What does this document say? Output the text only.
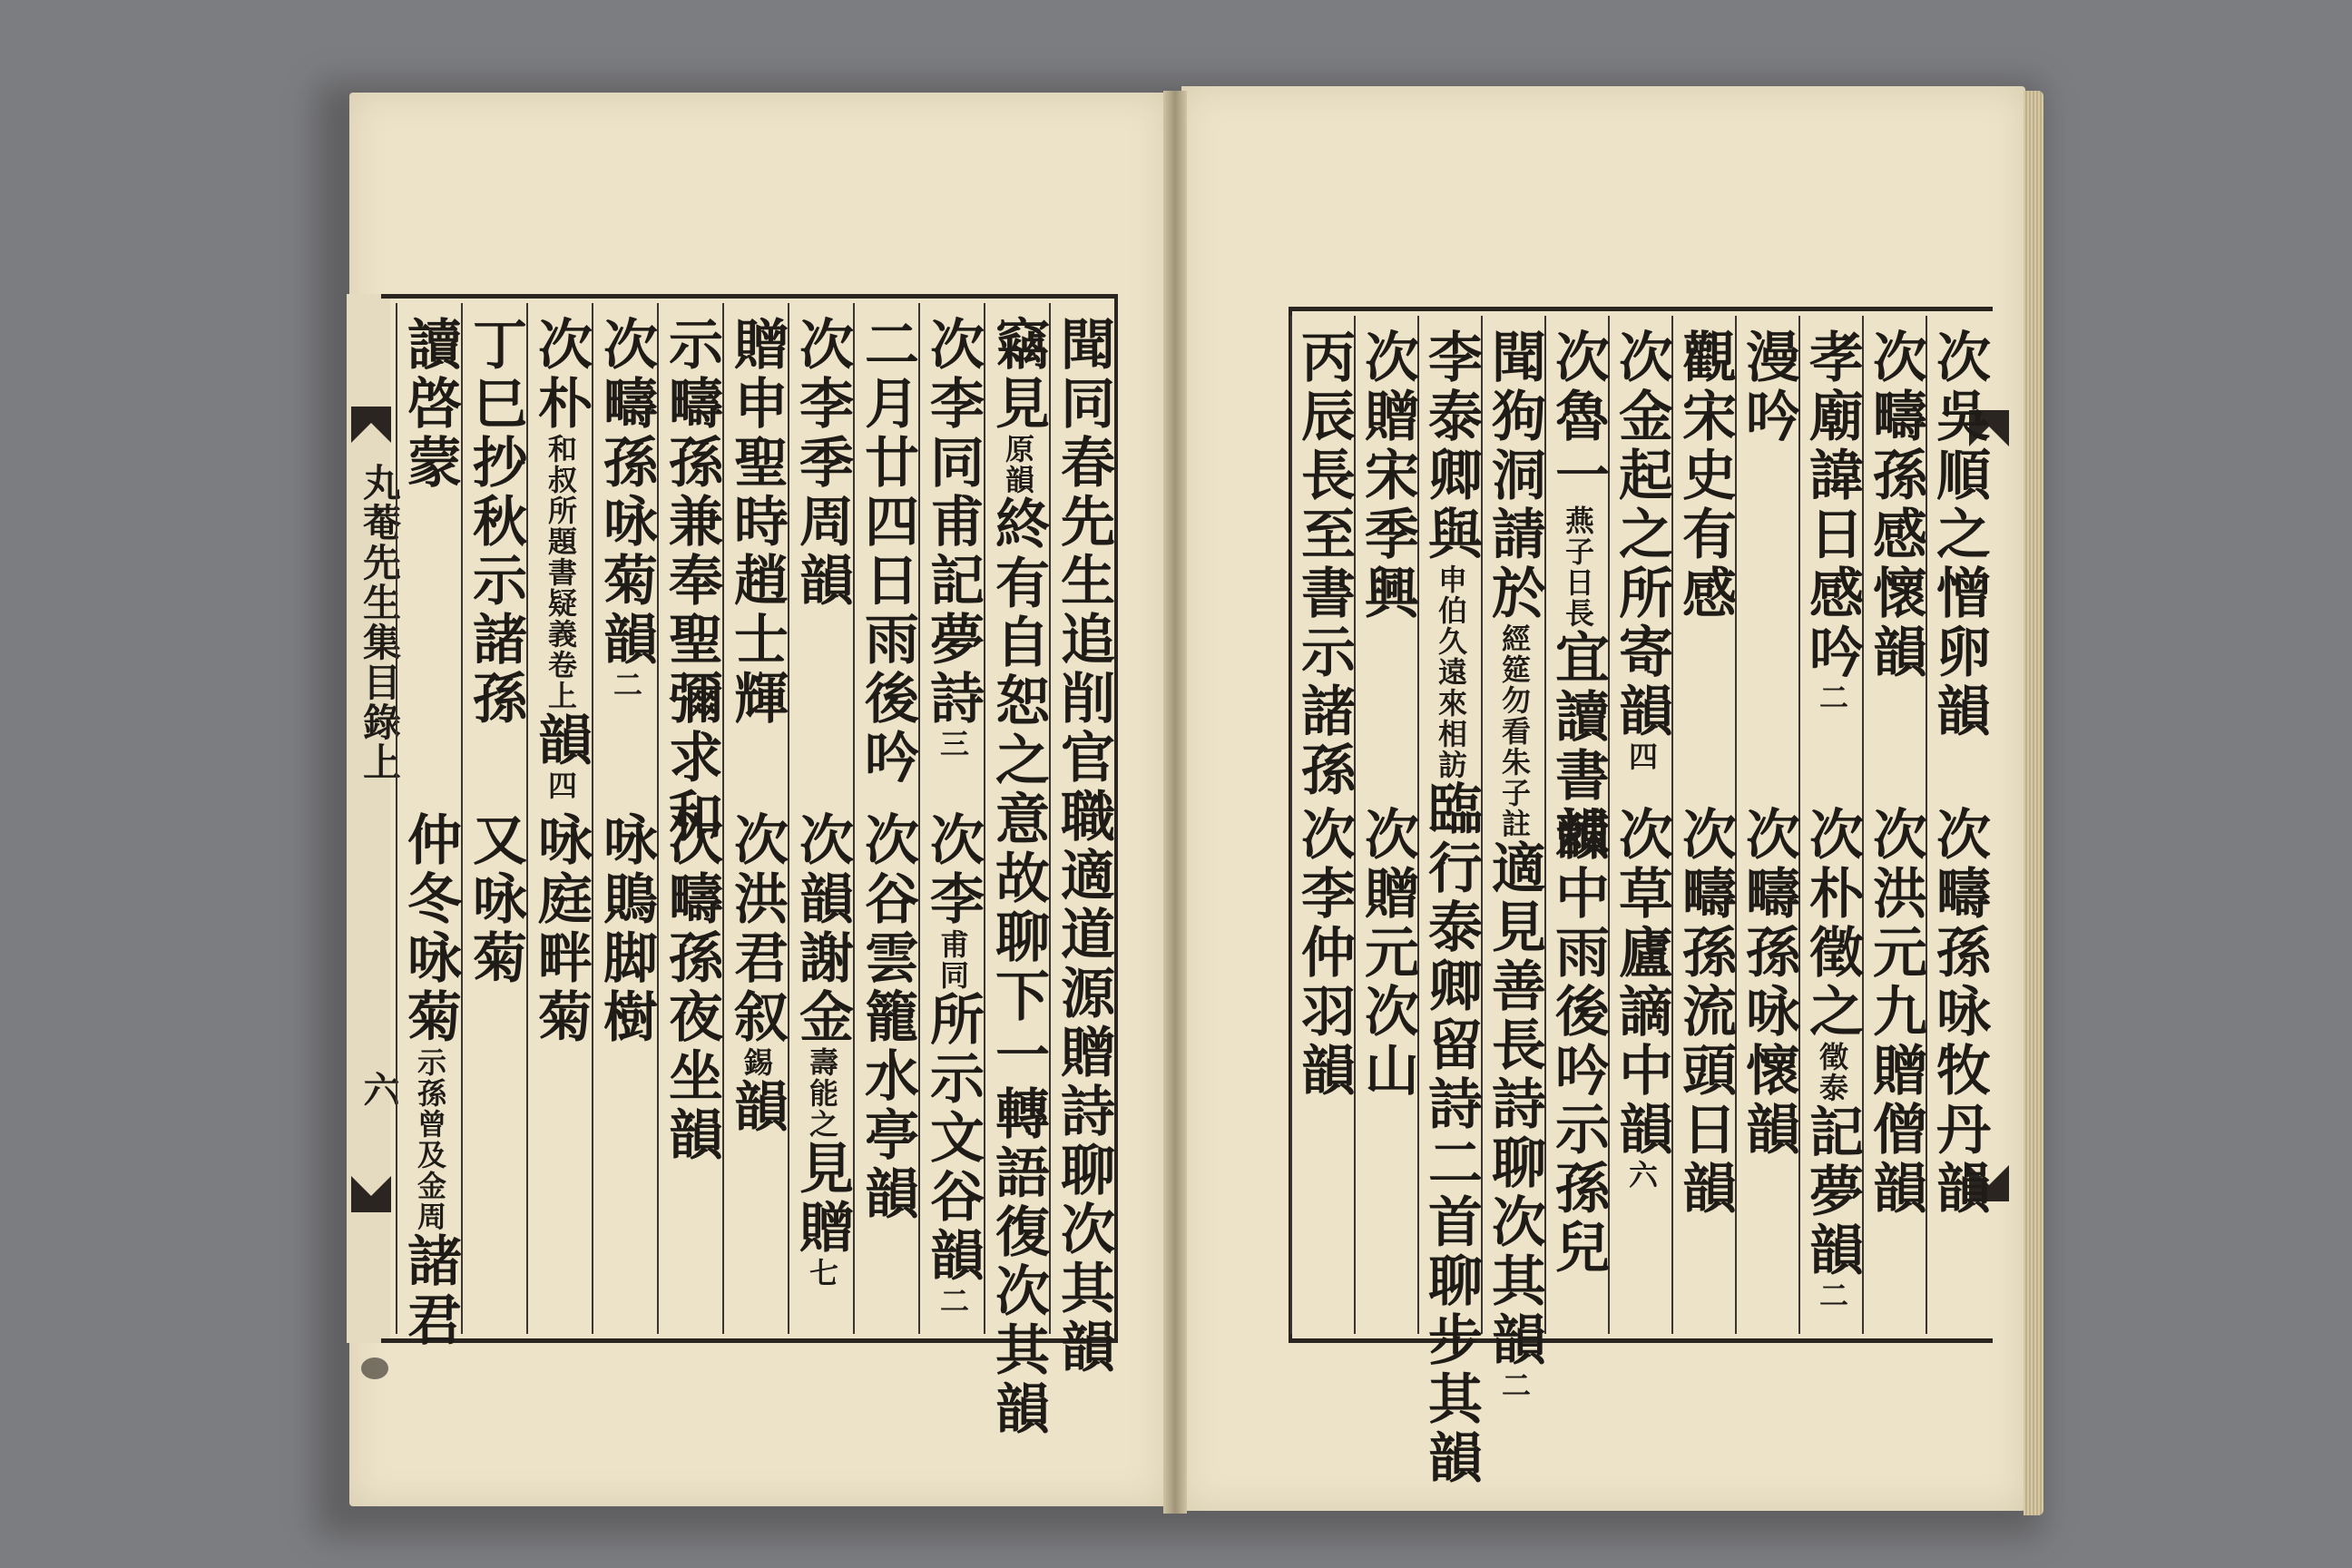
丸菴先生集目錄上
六	聞同春先生追削官職適道源贈詩聊次其韻
竊見
原韻
終有自恕之意故聊下一轉語復次其韻
次李同甫記夢詩
三
次李
甫同
所示文谷韻
二
二月廿四日雨後吟
次谷雲籠水亭韻
次李季周韻
次韻謝金
壽能之
見贈
七
贈申聖時趙士輝
次洪君叙
錫
韻
示疇孫兼奉聖彌求和
次疇孫夜坐韻
次疇孫咏菊韻
二
咏鵙脚樹
次朴
和叔所題書疑義卷上
韻
四
咏庭畔菊
丁巳抄秋示諸孫
又咏菊
讀啓蒙
仲冬咏菊
示孫曾及金周
諸君
次吳順之憎卵韻
次疇孫咏牧丹韻
次疇孫感懷韻
次洪元九贈僧韻
孝廟諱日感吟
二
次朴徵之
徵泰
記夢韻
二
漫吟
次疇孫咏懷韻
觀宋史有感
次疇孫流頭日韻
次金起之所寄韻
四
次草廬謫中韻
六
次魯一
燕子日長
宜讀書韻
棘中雨後吟示孫兒
聞狗洞請於
經筵勿看朱子註
適見善長詩聊次其韻
二
李泰卿與
申伯久遠來相訪
臨行泰卿留詩二首聊步其韻
次贈宋季興
次贈元次山
丙辰長至書示諸孫
次李仲羽韻
